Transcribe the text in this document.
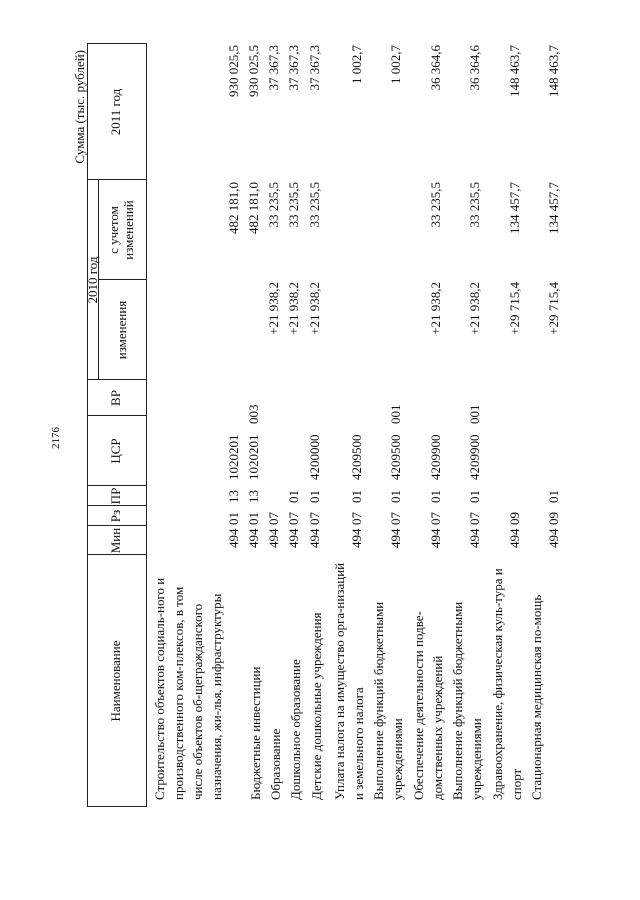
2176
Сумма (тыс. рублей)
Наименование
Мин
Рз
ПР
ЦСР
ВР
2010 год
изменения
с учетом изменений
2011 год
Строительство объектов социаль-ного и производственного ком-плексов, в том числе объектов об-щегражданского назначения, жи-лья, инфраструктуры
494
01
13
1020201
482 181,0
930 025,5
Бюджетные инвестиции
494
01
13
1020201
003
482 181,0
930 025,5
Образование
494
07
+21 938,2
33 235,5
37 367,3
Дошкольное образование
494
07
01
+21 938,2
33 235,5
37 367,3
Детские дошкольные учреждения
494
07
01
4200000
+21 938,2
33 235,5
37 367,3
Уплата налога на имущество орга-низаций и земельного налога
494
07
01
4209500
1 002,7
Выполнение функций бюджетными учреждениями
494
07
01
4209500
001
1 002,7
Обеспечение деятельности подве-домственных учреждений
494
07
01
4209900
+21 938,2
33 235,5
36 364,6
Выполнение функций бюджетными учреждениями
494
07
01
4209900
001
+21 938,2
33 235,5
36 364,6
Здравоохранение, физическая куль-тура и спорт
494
09
+29 715,4
134 457,7
148 463,7
Стационарная медицинская по-мощь
494
09
01
+29 715,4
134 457,7
148 463,7
